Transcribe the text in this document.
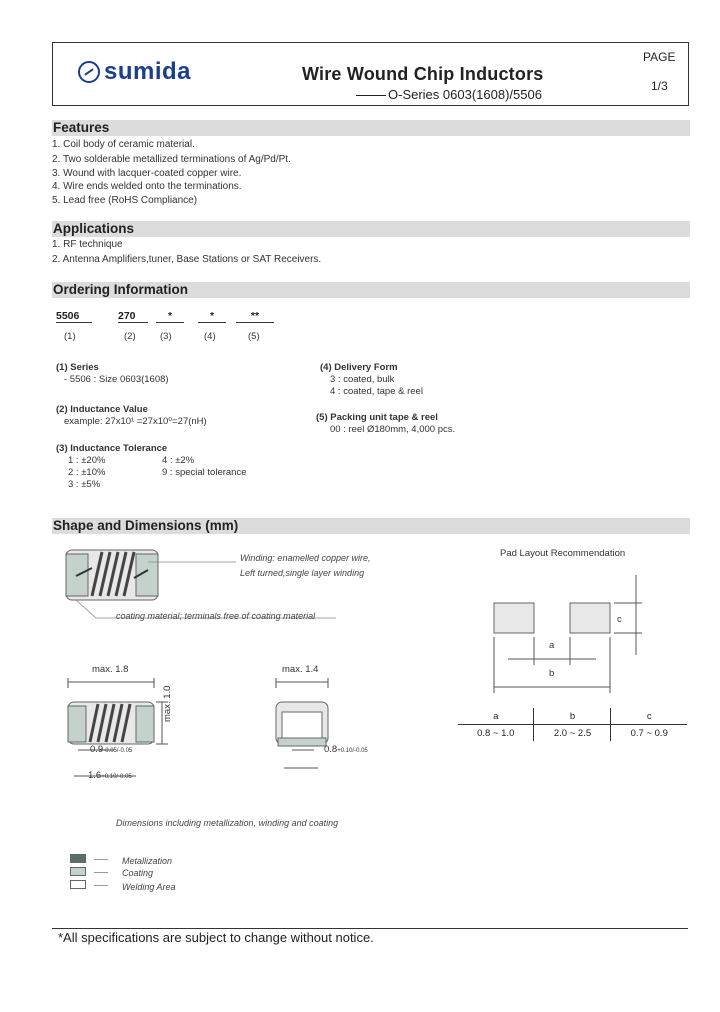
sumida	Wire Wound Chip Inductors
O-Series 0603(1608)/5506
PAGE
1/3
Features
1. Coil body of ceramic material.
2. Two solderable metallized terminations of Ag/Pd/Pt.
3. Wound with lacquer-coated copper wire.
4. Wire ends welded onto the terminations.
5. Lead free (RoHS Compliance)
Applications
1. RF technique
2. Antenna Amplifiers,tuner, Base Stations or SAT Receivers.
Ordering Information
5506	270	*	*	**
(1)	(2)	(3)	(4)	(5)
(1) Series
- 5506 : Size 0603(1608)
(2) Inductance Value
example: 27x10¹ =27x10⁰=27(nH)
(3) Inductance Tolerance
1 : ±20%	4 : ±2%
2 : ±10%	9 : special tolerance
3 : ±5%
(4) Delivery Form
3 : coated, bulk
4 : coated, tape & reel
(5) Packing unit tape & reel
00 : reel Ø180mm, 4,000 pcs.
Shape and Dimensions (mm)
Winding: enamelled copper wire,
Left turned,single layer winding
coating material; terminals free of coating material
max. 1.8	max. 1.4
max. 1.0
0.9-0.05/-0.05
1.6+0.10/-0.05
0.8+0.10/-0.05
Dimensions including metallization, winding and coating
Metallization
Coating
Welding Area
Pad Layout Recommendation
a
b
c
a	b	c
0.8 ~ 1.0	2.0 ~ 2.5	0.7 ~ 0.9
*All specifications are subject to change without notice.
